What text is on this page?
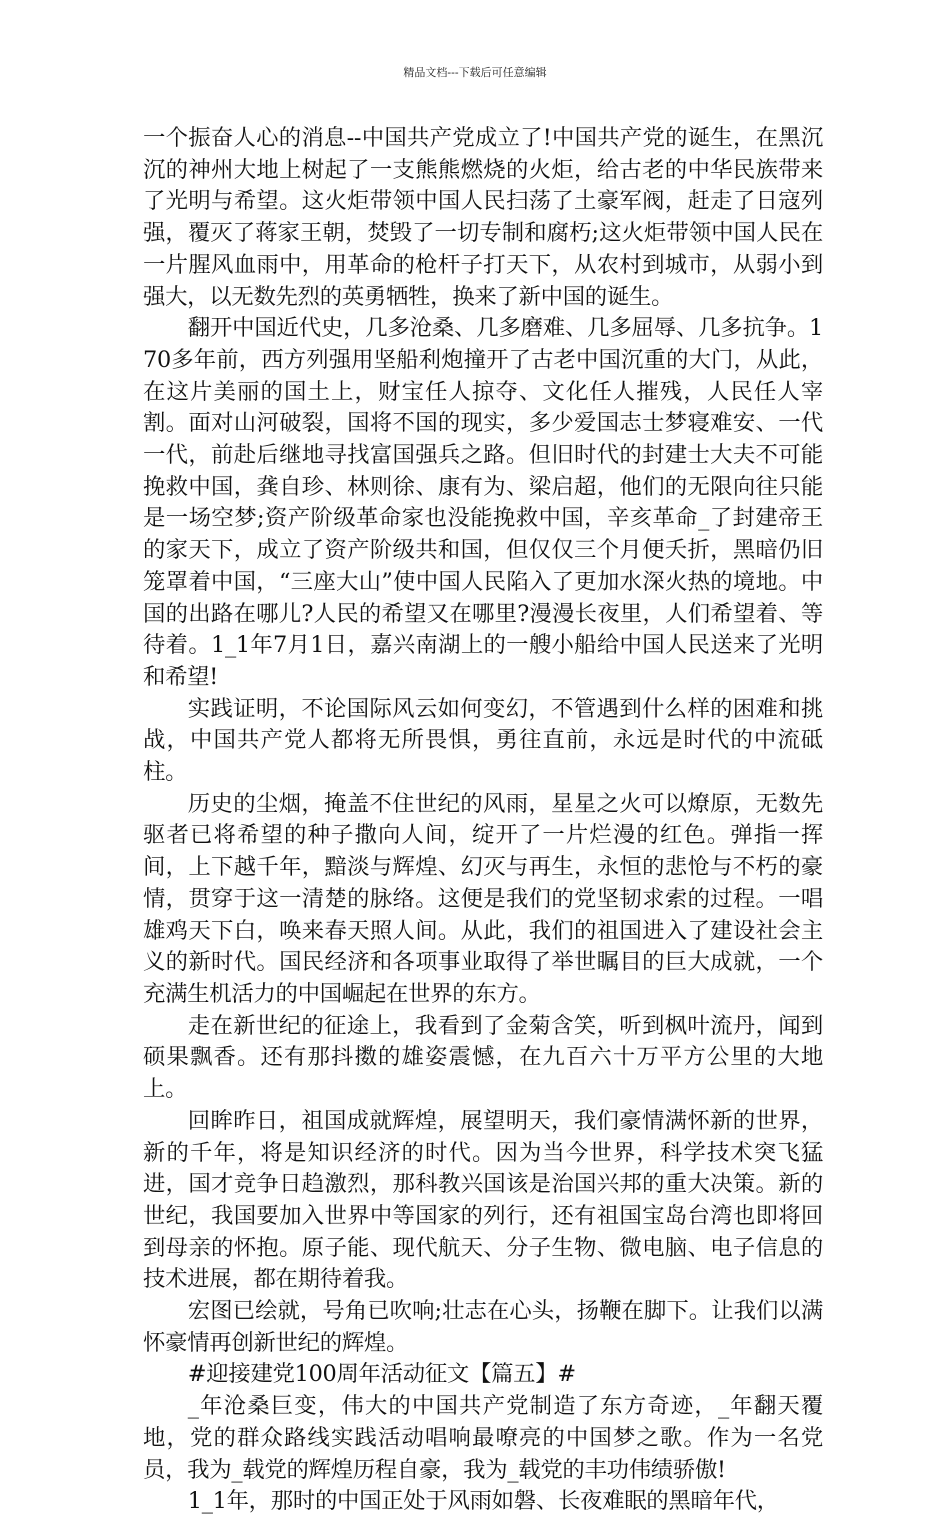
精品文档---下载后可任意编辑

一个振奋人心的消息--中国共产党成立了!中国共产党的诞生，在黑沉沉的神州大地上树起了一支熊熊燃烧的火炬，给古老的中华民族带来了光明与希望。这火炬带领中国人民扫荡了土豪军阀，赶走了日寇列强，覆灭了蒋家王朝，焚毁了一切专制和腐朽;这火炬带领中国人民在一片腥风血雨中，用革命的枪杆子打天下，从农村到城市，从弱小到强大，以无数先烈的英勇牺牲，换来了新中国的诞生。

翻开中国近代史，几多沧桑、几多磨难、几多屈辱、几多抗争。170多年前，西方列强用坚船利炮撞开了古老中国沉重的大门，从此，在这片美丽的国土上，财宝任人掠夺、文化任人摧残，人民任人宰割。面对山河破裂，国将不国的现实，多少爱国志士梦寝难安、一代一代，前赴后继地寻找富国强兵之路。但旧时代的封建士大夫不可能挽救中国，龚自珍、林则徐、康有为、梁启超，他们的无限向往只能是一场空梦;资产阶级革命家也没能挽救中国，辛亥革命_了封建帝王的家天下，成立了资产阶级共和国，但仅仅三个月便夭折，黑暗仍旧笼罩着中国，“三座大山”使中国人民陷入了更加水深火热的境地。中国的出路在哪儿?人民的希望又在哪里?漫漫长夜里，人们希望着、等待着。1_1年7月1日，嘉兴南湖上的一艘小船给中国人民送来了光明和希望!

实践证明，不论国际风云如何变幻，不管遇到什么样的困难和挑战，中国共产党人都将无所畏惧，勇往直前，永远是时代的中流砥柱。

历史的尘烟，掩盖不住世纪的风雨，星星之火可以燎原，无数先驱者已将希望的种子撒向人间，绽开了一片烂漫的红色。弹指一挥间，上下越千年，黯淡与辉煌、幻灭与再生，永恒的悲怆与不朽的豪情，贯穿于这一清楚的脉络。这便是我们的党坚韧求索的过程。一唱雄鸡天下白，唤来春天照人间。从此，我们的祖国进入了建设社会主义的新时代。国民经济和各项事业取得了举世瞩目的巨大成就，一个充满生机活力的中国崛起在世界的东方。

走在新世纪的征途上，我看到了金菊含笑，听到枫叶流丹，闻到硕果飘香。还有那抖擞的雄姿震憾，在九百六十万平方公里的大地上。

回眸昨日，祖国成就辉煌，展望明天，我们豪情满怀新的世界，新的千年，将是知识经济的时代。因为当今世界，科学技术突飞猛进，国才竞争日趋激烈，那科教兴国该是治国兴邦的重大决策。新的世纪，我国要加入世界中等国家的列行，还有祖国宝岛台湾也即将回到母亲的怀抱。原子能、现代航天、分子生物、微电脑、电子信息的技术进展，都在期待着我。

宏图已绘就，号角已吹响;壮志在心头，扬鞭在脚下。让我们以满怀豪情再创新世纪的辉煌。

#迎接建党100周年活动征文【篇五】#

_年沧桑巨变，伟大的中国共产党制造了东方奇迹，_年翻天覆地，党的群众路线实践活动唱响最嘹亮的中国梦之歌。作为一名党员，我为_载党的辉煌历程自豪，我为_载党的丰功伟绩骄傲!

1_1年，那时的中国正处于风雨如磐、长夜难眠的黑暗年代，
